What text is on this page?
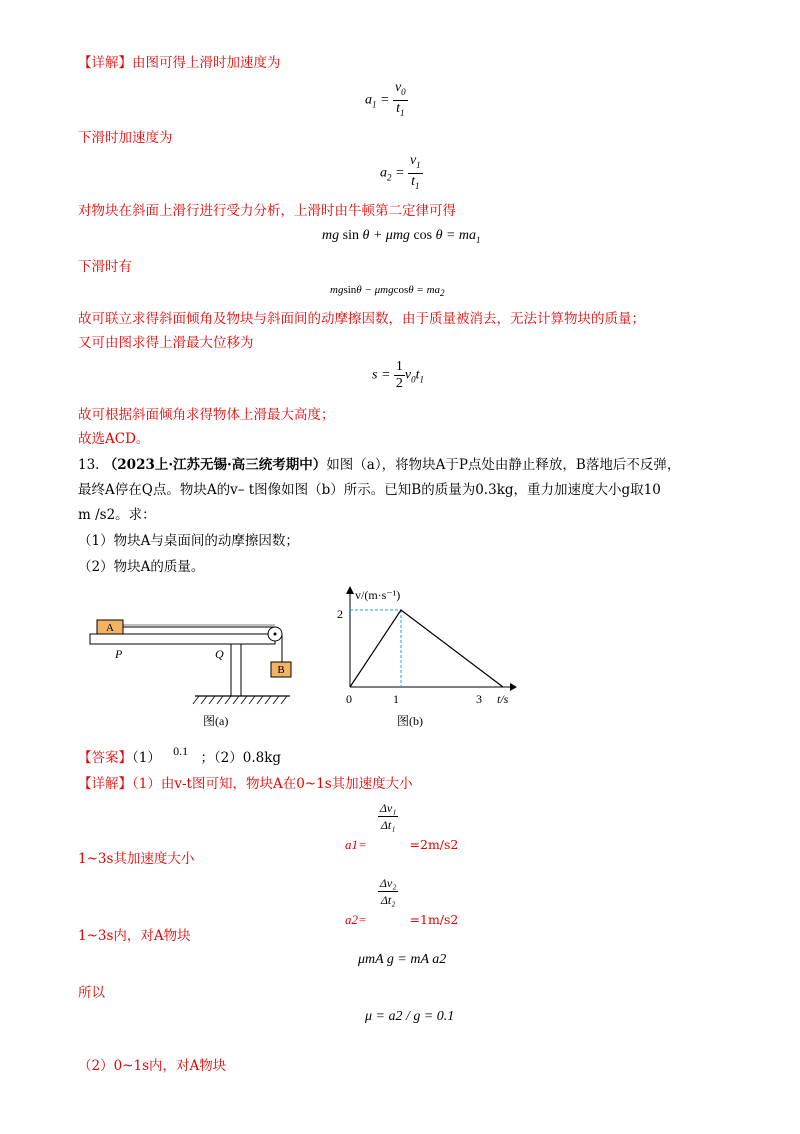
【详解】由图可得上滑时加速度为
$a_1 = \frac{v_0}{t_1}$
下滑时加速度为
$a_2 = \frac{v_1}{t_1}$
对物块在斜面上滑行进行受力分析，上滑时由牛顿第二定律可得
mg sin θ + μmg $\cos \theta = ma_1$
下滑时有
$mgsin\theta - \mu mgcos\theta = ma_2$
故可联立求得斜面倾角及物块与斜面间的动摩擦因数，由于质量被消去，无法计算物块的质量；
又可由图求得上滑最大位移为
$s = \frac{1}{2} v_0t_1$
故可根据斜面倾角求得物体上滑最大高度；
故选ACD。
13. （2023上·江苏无锡·高三统考期中）如图（a），将物块A于P点处由静止释放，B落地后不反弹，
最终A停在Q点。物块A的v– t图像如图（b）所示。已知B的质量为0.3kg，重力加速度大小g取10
m /s2。求：
（1）物块A与桌面间的动摩擦因数；
（2）物块A的质量。
A
B
P	Q
图(a)
v/(m·s⁻¹)
t/s
2
0	1	3
图(b)
【答案】（1） 0.1 ；（2）0.8kg
【详解】（1）由v-t图可知，物块A在0~1s其加速度大小
$_{a1=}$
$\frac{\text{Δv₁}}{\text{Δt₁}}$
$_{=2m/s2}$
1~3s其加速度大小
$_{a2=}$
$\frac{\text{Δv₂}}{\text{Δt₂}}$
$_{=1m/s2}$
1~3s内，对A物块
μmA g = mA a2
所以
μ = a2 / g = 0.1
（2）0~1s内，对A物块
